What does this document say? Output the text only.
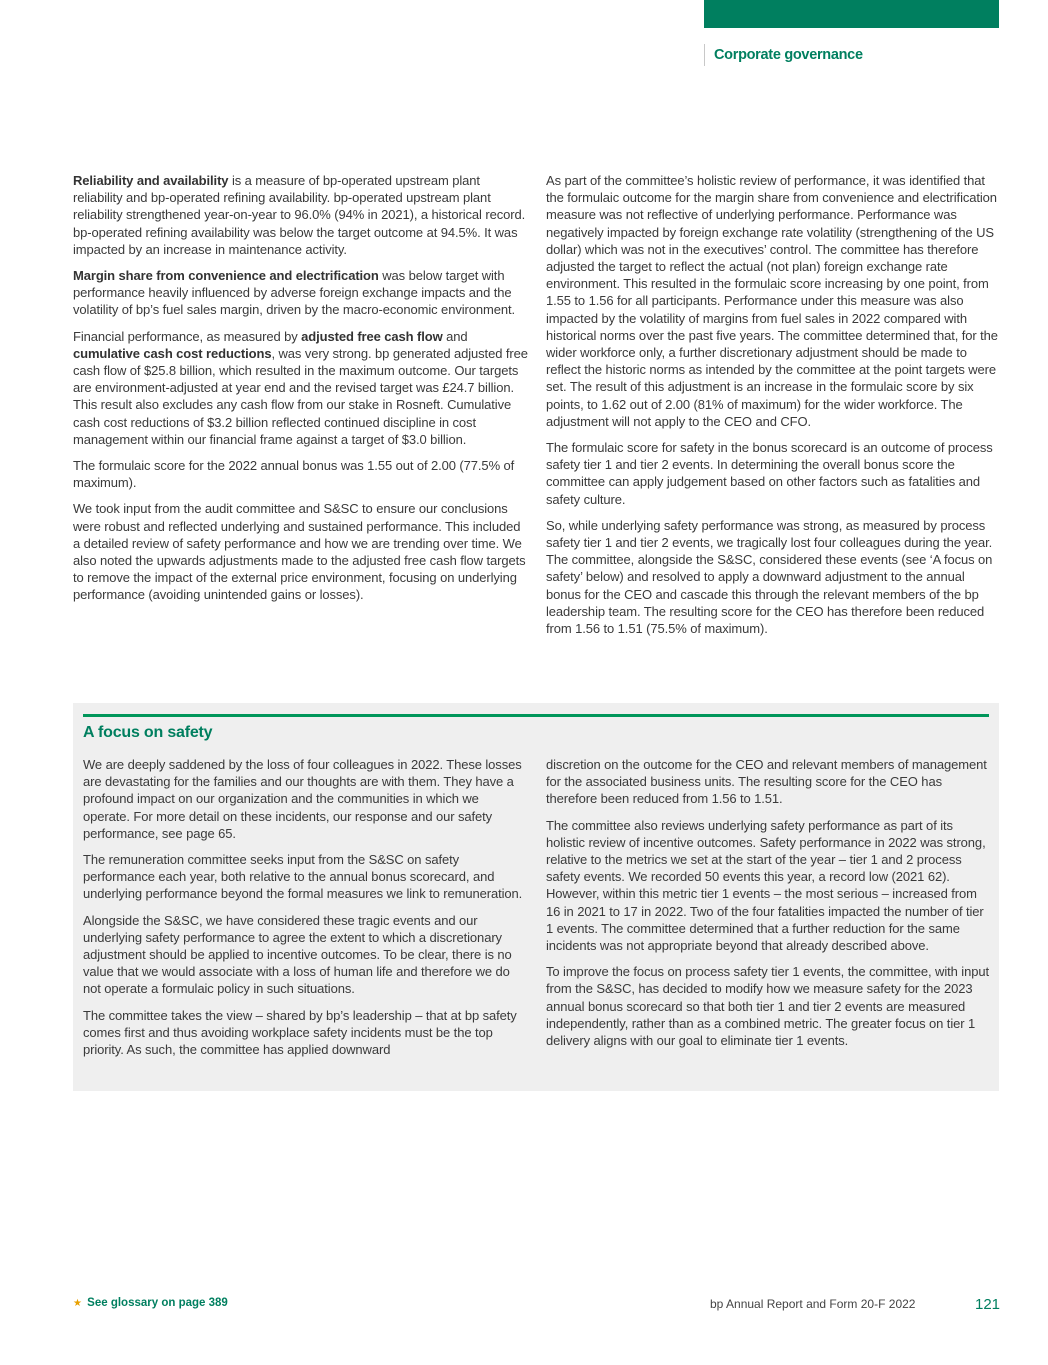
Corporate governance

Reliability and availability is a measure of bp-operated upstream plant reliability and bp-operated refining availability. bp-operated upstream plant reliability strengthened year-on-year to 96.0% (94% in 2021), a historical record. bp-operated refining availability was below the target outcome at 94.5%. It was impacted by an increase in maintenance activity.

Margin share from convenience and electrification was below target with performance heavily influenced by adverse foreign exchange impacts and the volatility of bp’s fuel sales margin, driven by the macro-economic environment.

Financial performance, as measured by adjusted free cash flow and cumulative cash cost reductions, was very strong. bp generated adjusted free cash flow of $25.8 billion, which resulted in the maximum outcome. Our targets are environment-adjusted at year end and the revised target was £24.7 billion. This result also excludes any cash flow from our stake in Rosneft. Cumulative cash cost reductions of $3.2 billion reflected continued discipline in cost management within our financial frame against a target of $3.0 billion.

The formulaic score for the 2022 annual bonus was 1.55 out of 2.00 (77.5% of maximum).

We took input from the audit committee and S&SC to ensure our conclusions were robust and reflected underlying and sustained performance. This included a detailed review of safety performance and how we are trending over time. We also noted the upwards adjustments made to the adjusted free cash flow targets to remove the impact of the external price environment, focusing on underlying performance (avoiding unintended gains or losses).

As part of the committee’s holistic review of performance, it was identified that the formulaic outcome for the margin share from convenience and electrification measure was not reflective of underlying performance. Performance was negatively impacted by foreign exchange rate volatility (strengthening of the US dollar) which was not in the executives’ control. The committee has therefore adjusted the target to reflect the actual (not plan) foreign exchange rate environment. This resulted in the formulaic score increasing by one point, from 1.55 to 1.56 for all participants. Performance under this measure was also impacted by the volatility of margins from fuel sales in 2022 compared with historical norms over the past five years. The committee determined that, for the wider workforce only, a further discretionary adjustment should be made to reflect the historic norms as intended by the committee at the point targets were set. The result of this adjustment is an increase in the formulaic score by six points, to 1.62 out of 2.00 (81% of maximum) for the wider workforce. The adjustment will not apply to the CEO and CFO.

The formulaic score for safety in the bonus scorecard is an outcome of process safety tier 1 and tier 2 events. In determining the overall bonus score the committee can apply judgement based on other factors such as fatalities and safety culture.

So, while underlying safety performance was strong, as measured by process safety tier 1 and tier 2 events, we tragically lost four colleagues during the year. The committee, alongside the S&SC, considered these events (see ‘A focus on safety’ below) and resolved to apply a downward adjustment to the annual bonus for the CEO and cascade this through the relevant members of the bp leadership team. The resulting score for the CEO has therefore been reduced from 1.56 to 1.51 (75.5% of maximum).

A focus on safety

We are deeply saddened by the loss of four colleagues in 2022. These losses are devastating for the families and our thoughts are with them. They have a profound impact on our organization and the communities in which we operate. For more detail on these incidents, our response and our safety performance, see page 65.

The remuneration committee seeks input from the S&SC on safety performance each year, both relative to the annual bonus scorecard, and underlying performance beyond the formal measures we link to remuneration.

Alongside the S&SC, we have considered these tragic events and our underlying safety performance to agree the extent to which a discretionary adjustment should be applied to incentive outcomes. To be clear, there is no value that we would associate with a loss of human life and therefore we do not operate a formulaic policy in such situations.

The committee takes the view – shared by bp’s leadership – that at bp safety comes first and thus avoiding workplace safety incidents must be the top priority. As such, the committee has applied downward

discretion on the outcome for the CEO and relevant members of management for the associated business units. The resulting score for the CEO has therefore been reduced from 1.56 to 1.51.

The committee also reviews underlying safety performance as part of its holistic review of incentive outcomes. Safety performance in 2022 was strong, relative to the metrics we set at the start of the year – tier 1 and 2 process safety events. We recorded 50 events this year, a record low (2021 62). However, within this metric tier 1 events – the most serious – increased from 16 in 2021 to 17 in 2022. Two of the four fatalities impacted the number of tier 1 events. The committee determined that a further reduction for the same incidents was not appropriate beyond that already described above.

To improve the focus on process safety tier 1 events, the committee, with input from the S&SC, has decided to modify how we measure safety for the 2023 annual bonus scorecard so that both tier 1 and tier 2 events are measured independently, rather than as a combined metric. The greater focus on tier 1 delivery aligns with our goal to eliminate tier 1 events.

★ See glossary on page 389	bp Annual Report and Form 20-F 2022	121
